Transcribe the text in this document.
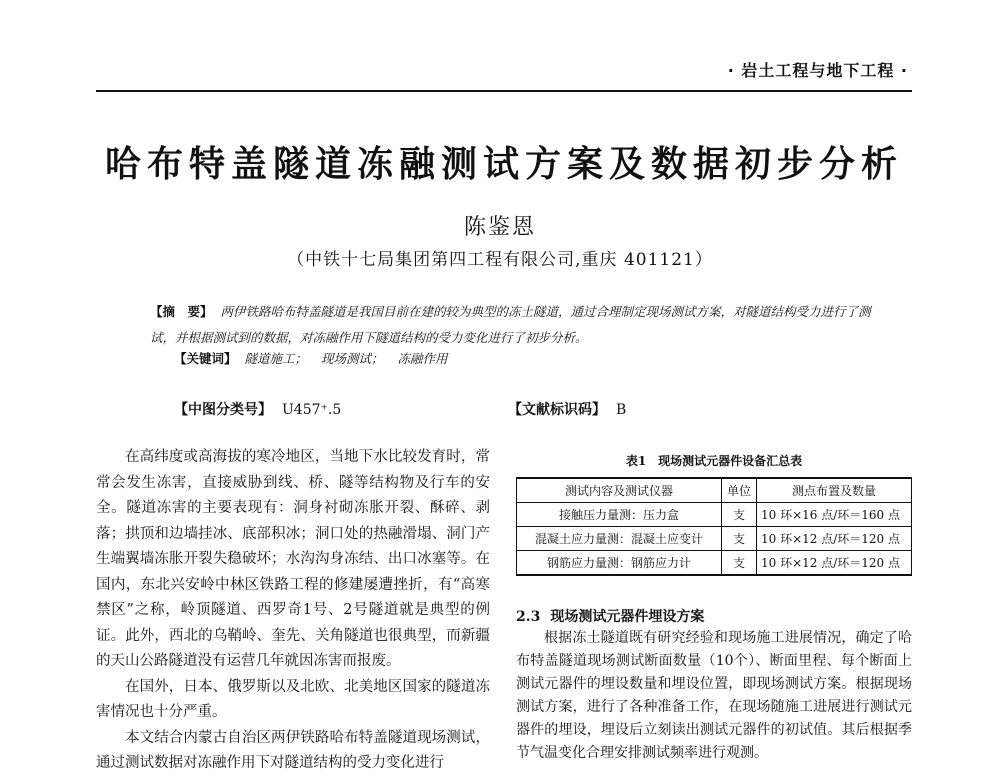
· 岩土工程与地下工程 ·
哈布特盖隧道冻融测试方案及数据初步分析
陈鉴恩
（中铁十七局集团第四工程有限公司,重庆 401121）
【摘　要】 两伊铁路哈布特盖隧道是我国目前在建的较为典型的冻土隧道，通过合理制定现场测试方案，对隧道结构受力进行了测试，并根据测试到的数据，对冻融作用下隧道结构的受力变化进行了初步分析。
【关键词】 隧道施工； 现场测试； 冻融作用
【中图分类号】 U457⁺.5	【文献标识码】 B

在高纬度或高海拔的寒冷地区，当地下水比较发育时，常常会发生冻害，直接威胁到线、桥、隧等结构物及行车的安全。隧道冻害的主要表现有：洞身衬砌冻胀开裂、酥碎、剥落；拱顶和边墙挂冰、底部积冰；洞口处的热融滑塌、洞门产生端翼墙冻胀开裂失稳破坏；水沟沟身冻结、出口冰塞等。在国内，东北兴安岭中林区铁路工程的修建屡遭挫折，有“高寒禁区”之称，岭顶隧道、西罗奇1号、2号隧道就是典型的例证。此外，西北的乌鞘岭、奎先、关角隧道也很典型，而新疆的天山公路隧道没有运营几年就因冻害而报废。

在国外，日本、俄罗斯以及北欧、北美地区国家的隧道冻害情况也十分严重。

本文结合内蒙古自治区两伊铁路哈布特盖隧道现场测试，通过测试数据对冻融作用下对隧道结构的受力变化进行

表1　现场测试元器件设备汇总表
测试内容及测试仪器	单位	测点布置及数量
接触压力量测：压力盒	支	10 环×16 点/环＝160 点
混凝土应力量测：混凝土应变计	支	10 环×12 点/环＝120 点
钢筋应力量测：钢筋应力计	支	10 环×12 点/环＝120 点
2.3 现场测试元器件埋设方案

根据冻土隧道既有研究经验和现场施工进展情况，确定了哈布特盖隧道现场测试断面数量（10个）、断面里程、每个断面上测试元器件的埋设数量和埋设位置，即现场测试方案。根据现场测试方案，进行了各种准备工作，在现场随施工进展进行测试元器件的埋设，埋设后立刻读出测试元器件的初试值。其后根据季节气温变化合理安排测试频率进行观测。
